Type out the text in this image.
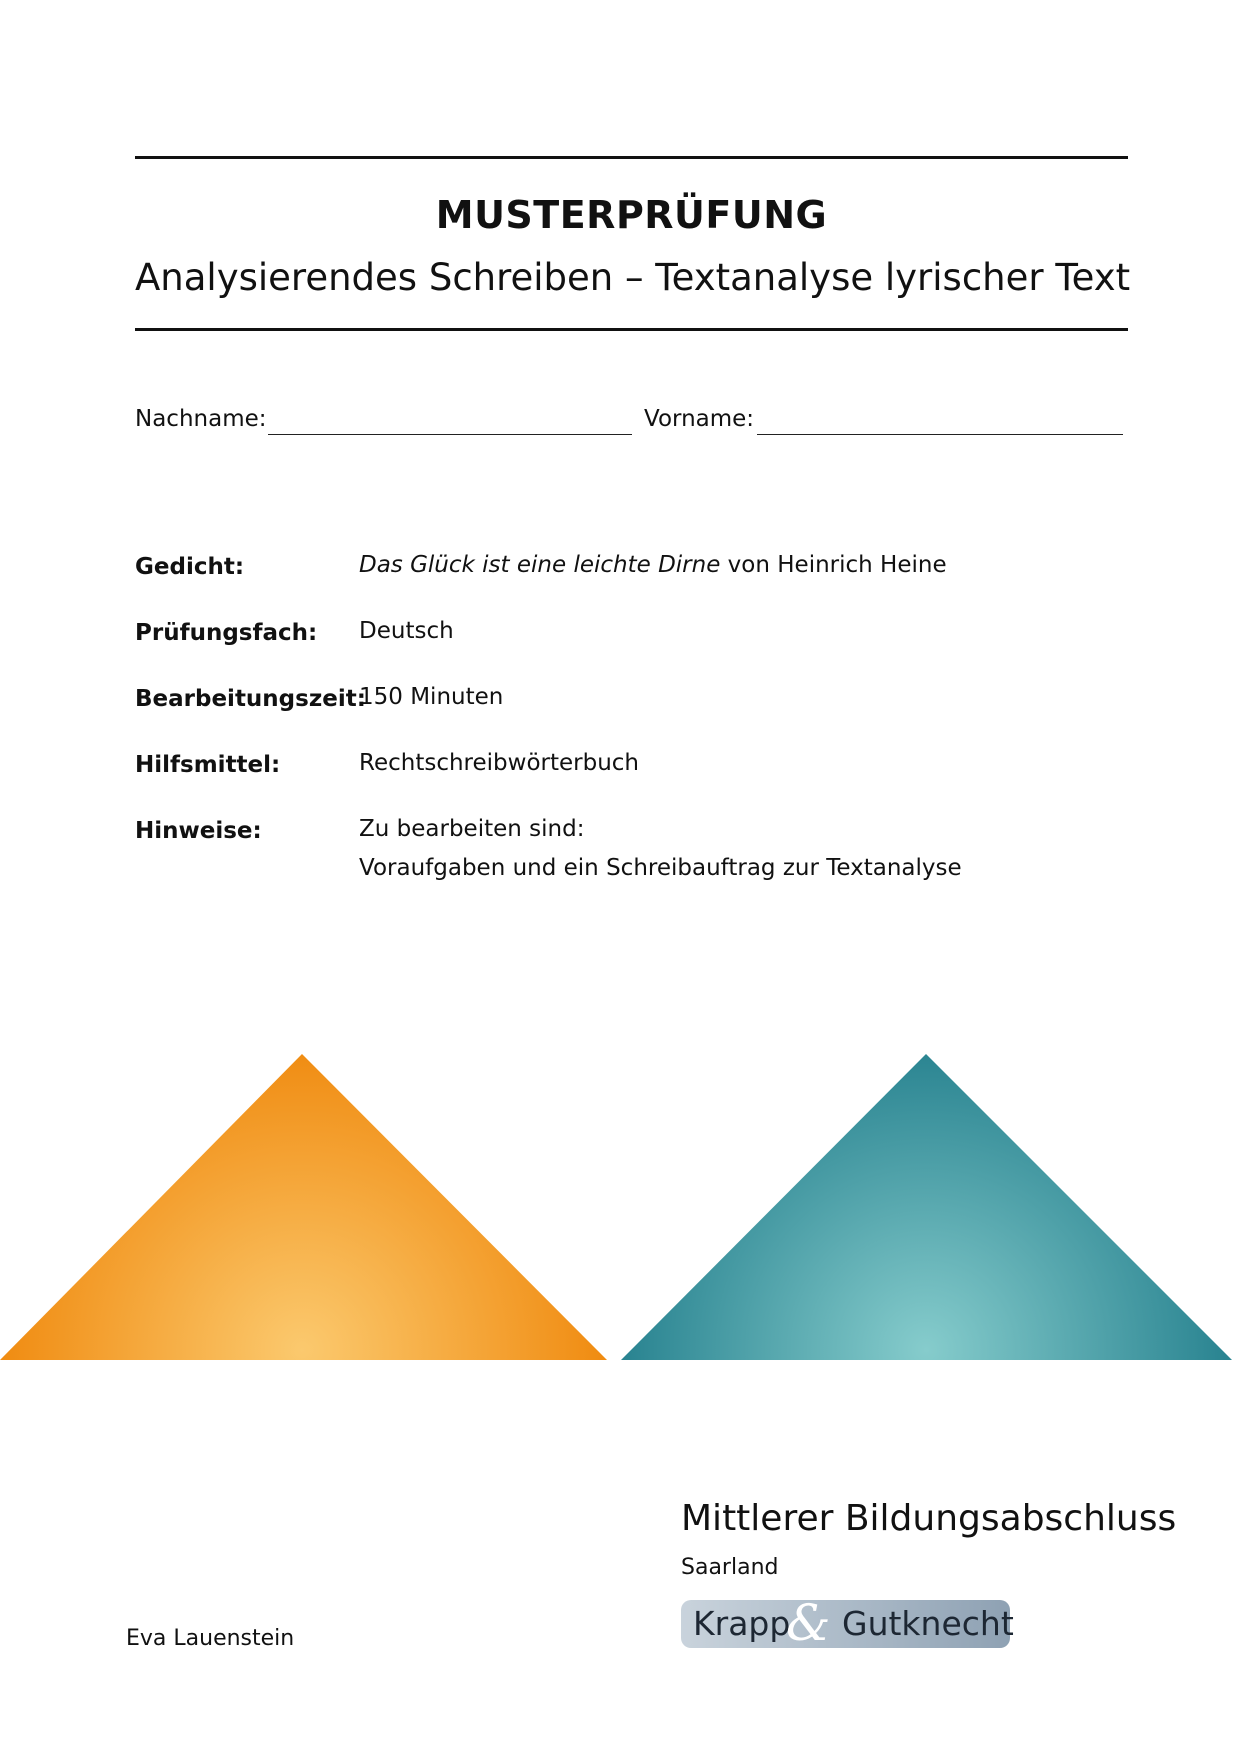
MUSTERPRÜFUNG
Analysierendes Schreiben – Textanalyse lyrischer Text
Nachname:	Vorname:
Gedicht:	Das Glück ist eine leichte Dirne von Heinrich Heine
Prüfungsfach: Deutsch
Bearbeitungszeit:
150 Minuten
Hilfsmittel:	Rechtschreibwörterbuch
Hinweise:	Zu bearbeiten sind:
Voraufgaben und ein Schreibauftrag zur Textanalyse
Mittlerer Bildungsabschluss
Saarland
Krapp
& Gutknecht
Eva Lauenstein
